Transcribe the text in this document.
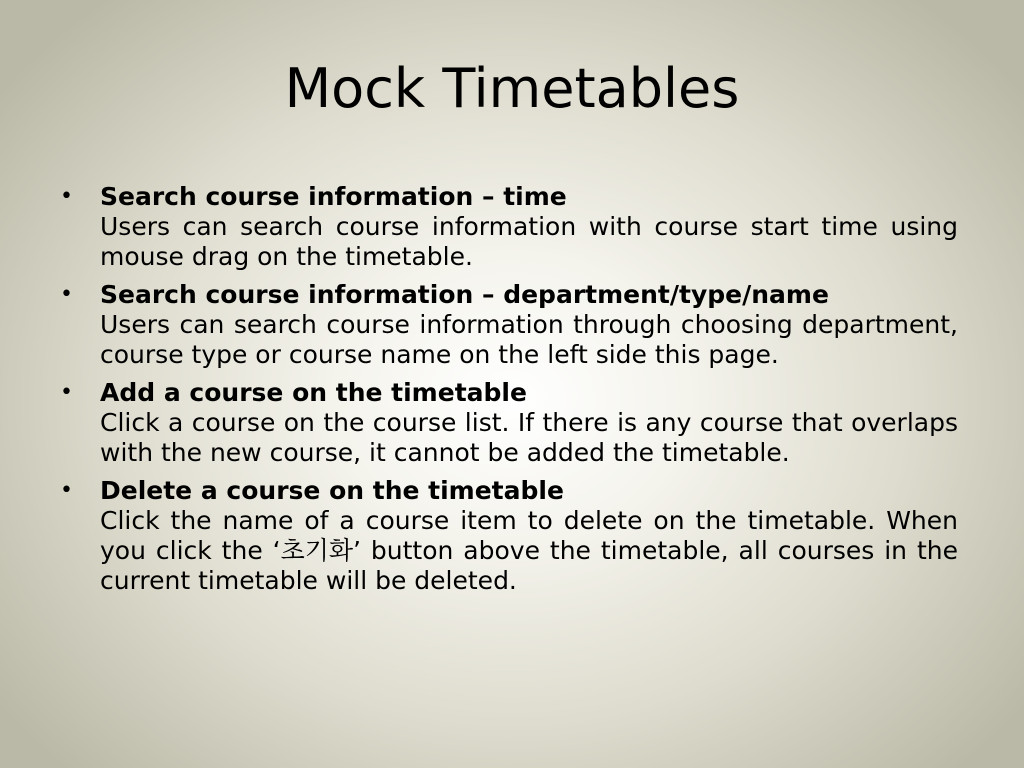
Mock Timetables
• Search course information – time
Users can search course information with course start time using mouse drag on the timetable.
• Search course information – department/type/name
Users can search course information through choosing department, course type or course name on the left side this page.
• Add a course on the timetable
Click a course on the course list. If there is any course that overlaps with the new course, it cannot be added the timetable.
• Delete a course on the timetable
Click the name of a course item to delete on the timetable. When you click the ‘초기화’ button above the timetable, all courses in the current timetable will be deleted.
